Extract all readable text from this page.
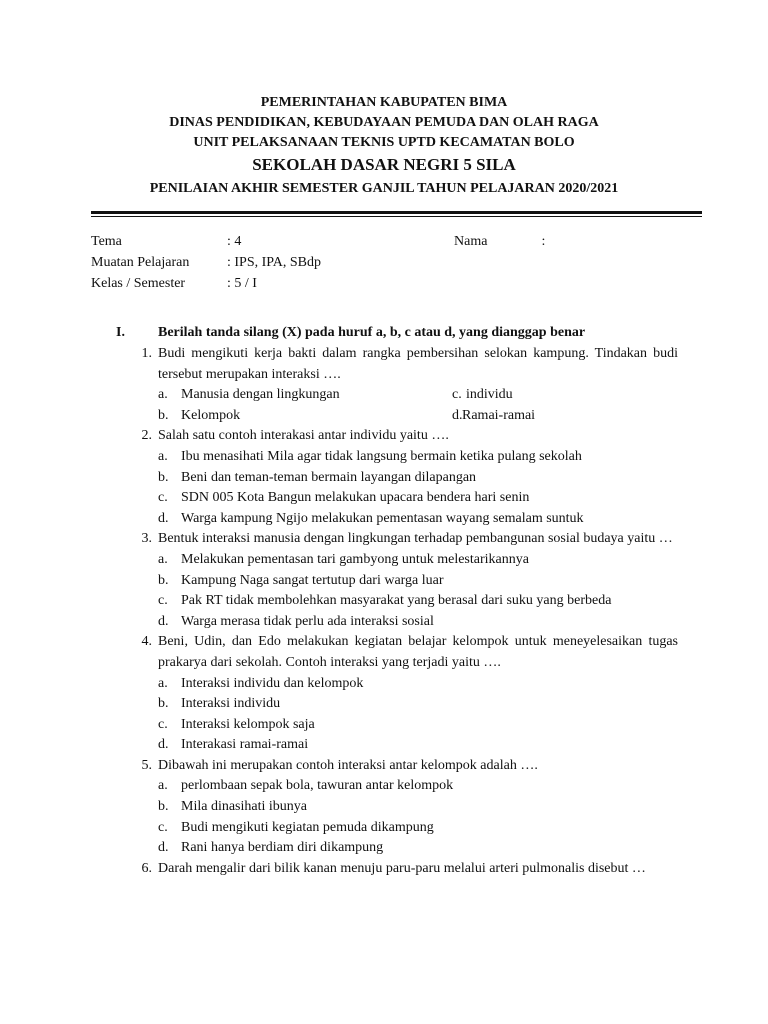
PEMERINTAHAN KABUPATEN BIMA
DINAS PENDIDIKAN, KEBUDAYAAN PEMUDA DAN OLAH RAGA
UNIT PELAKSANAAN TEKNIS UPTD KECAMATAN BOLO
SEKOLAH DASAR NEGRI 5 SILA
PENILAIAN AKHIR SEMESTER GANJIL TAHUN PELAJARAN 2020/2021
Tema	: 4
Muatan Pelajaran	: IPS, IPA, SBdp
Kelas / Semester	: 5 / I
Nama	:
I. Berilah tanda silang (X) pada huruf a, b, c atau d, yang dianggap benar
1. Budi mengikuti kerja bakti dalam rangka pembersihan selokan kampung. Tindakan budi tersebut merupakan interaksi ….
a. Manusia dengan lingkungan	c. individu
b. Kelompok	d. Ramai-ramai
2. Salah satu contoh interakasi antar individu yaitu ….
a. Ibu menasihati Mila agar tidak langsung bermain ketika pulang sekolah
b. Beni dan teman-teman bermain layangan dilapangan
c. SDN 005 Kota Bangun melakukan upacara bendera hari senin
d. Warga kampung Ngijo melakukan pementasan wayang semalam suntuk
3. Bentuk interaksi manusia dengan lingkungan terhadap pembangunan sosial budaya yaitu …
a. Melakukan pementasan tari gambyong untuk melestarikannya
b. Kampung Naga sangat tertutup dari warga luar
c. Pak RT tidak membolehkan masyarakat yang berasal dari suku yang berbeda
d. Warga merasa tidak perlu ada interaksi sosial
4. Beni, Udin, dan Edo melakukan kegiatan belajar kelompok untuk meneyelesaikan tugas prakarya dari sekolah. Contoh interaksi yang terjadi yaitu ….
a. Interaksi individu dan kelompok
b. Interaksi individu
c. Interaksi kelompok saja
d. Interakasi ramai-ramai
5. Dibawah ini merupakan contoh interaksi antar kelompok adalah ….
a. perlombaan sepak bola, tawuran antar kelompok
b. Mila dinasihati ibunya
c. Budi mengikuti kegiatan pemuda dikampung
d. Rani hanya berdiam diri dikampung
6. Darah mengalir dari bilik kanan menuju paru-paru melalui arteri pulmonalis disebut …
